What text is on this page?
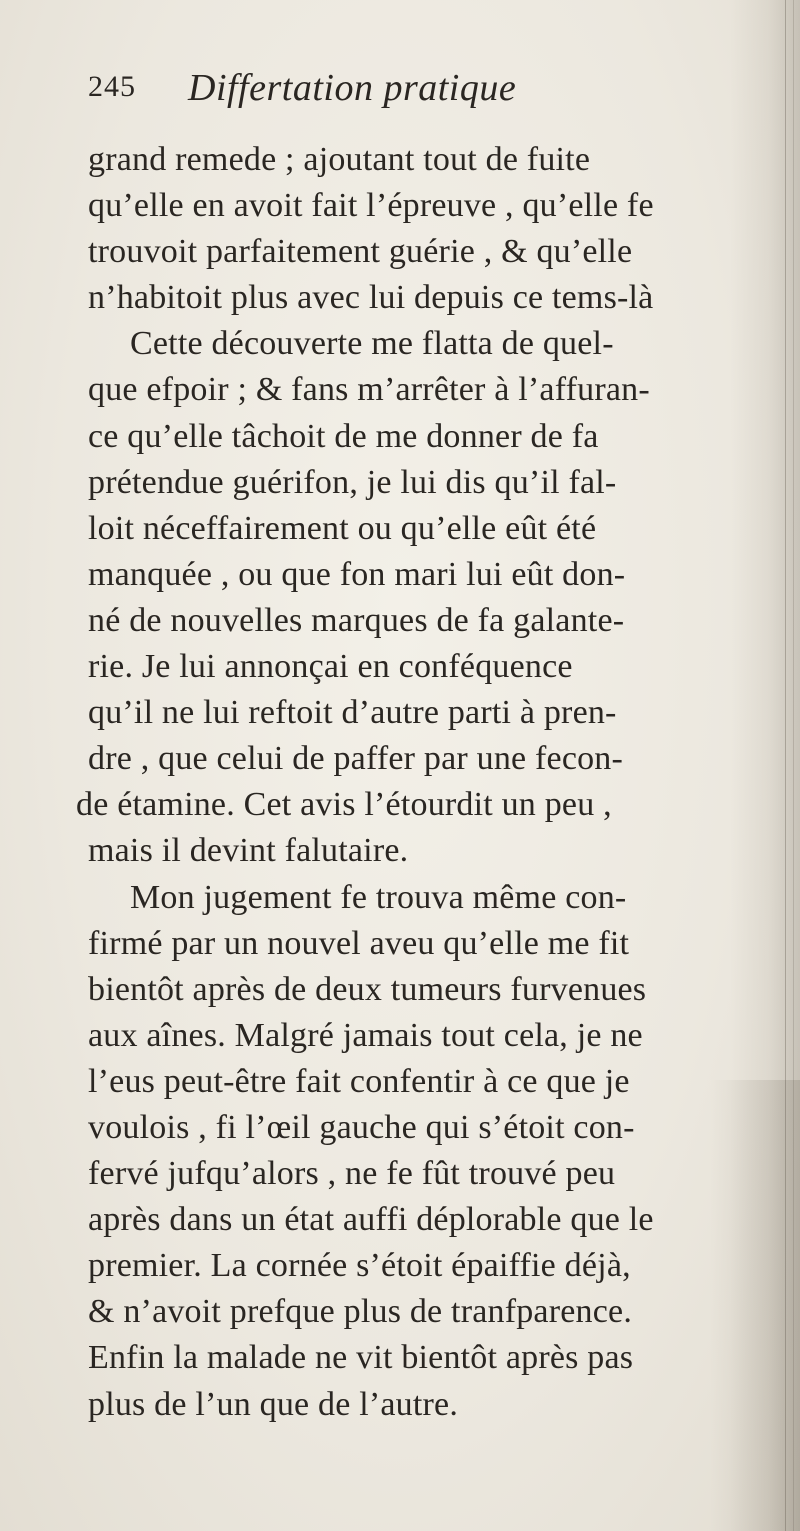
245 Differtation pratique
grand remede ; ajoutant tout de fuite
qu’elle en avoit fait l’épreuve , qu’elle fe
trouvoit parfaitement guérie , & qu’elle
n’habitoit plus avec lui depuis ce tems-là
Cette découverte me flatta de quel-
que efpoir ; & fans m’arrêter à l’affuran-
ce qu’elle tâchoit de me donner de fa
prétendue guérifon, je lui dis qu’il fal-
loit néceffairement ou qu’elle eût été
manquée , ou que fon mari lui eût don-
né de nouvelles marques de fa galante-
rie. Je lui annonçai en conféquence
qu’il ne lui reftoit d’autre parti à pren-
dre , que celui de paffer par une fecon-
de étamine. Cet avis l’étourdit un peu ,
mais il devint falutaire.
Mon jugement fe trouva même con-
firmé par un nouvel aveu qu’elle me fit
bientôt après de deux tumeurs furvenues
aux aînes. Malgré jamais tout cela, je ne
l’eus peut-être fait confentir à ce que je
voulois , fi l’œil gauche qui s’étoit con-
fervé jufqu’alors , ne fe fût trouvé peu
après dans un état auffi déplorable que le
premier. La cornée s’étoit épaiffie déjà,
& n’avoit prefque plus de tranfparence.
Enfin la malade ne vit bientôt après pas
plus de l’un que de l’autre.
